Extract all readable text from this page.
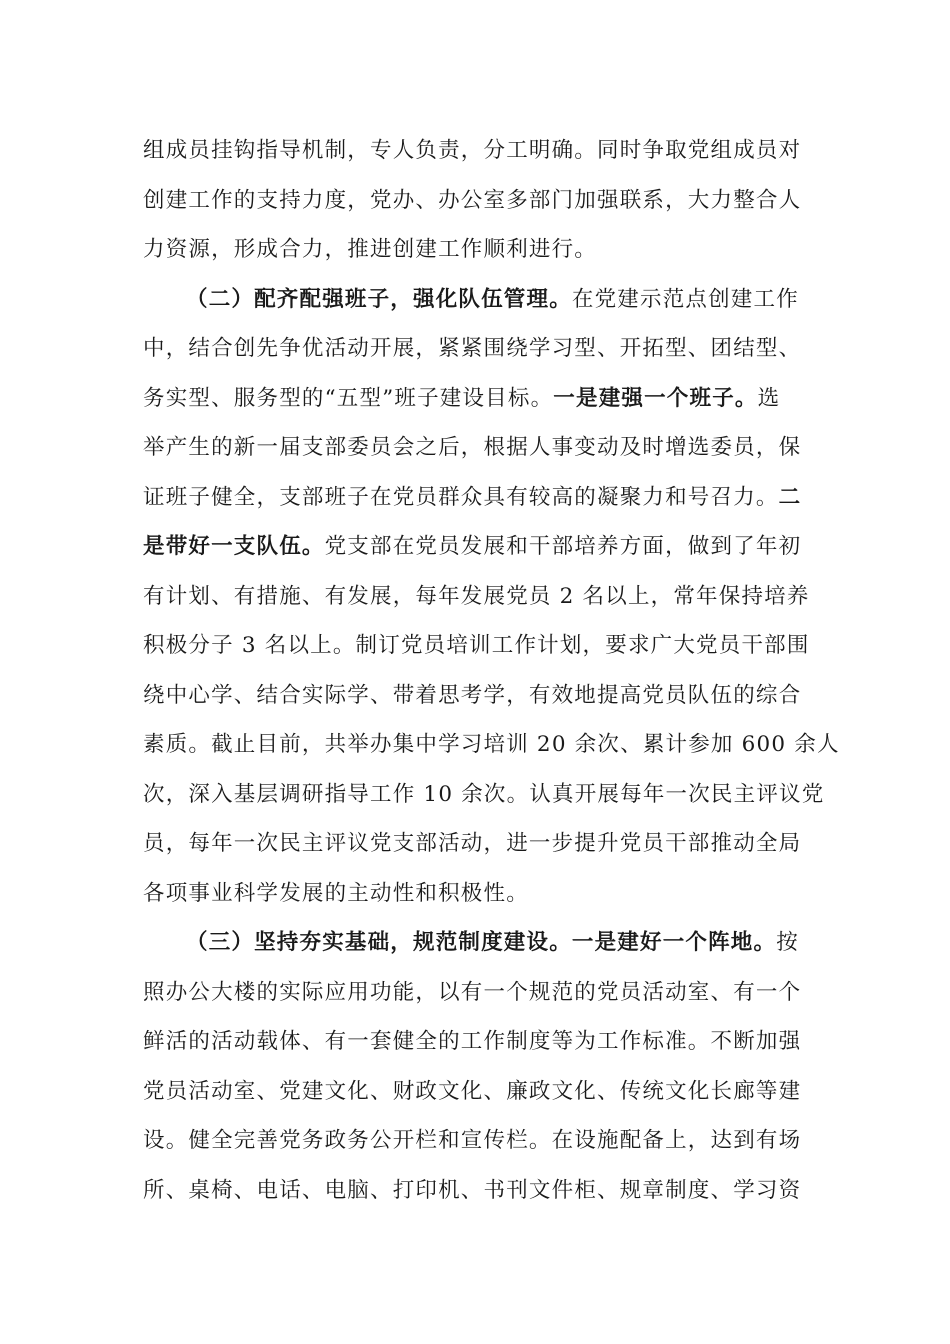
组成员挂钩指导机制，专人负责，分工明确。同时争取党组成员对
创建工作的支持力度，党办、办公室多部门加强联系，大力整合人
力资源，形成合力，推进创建工作顺利进行。
（二）配齐配强班子，强化队伍管理。在党建示范点创建工作
中，结合创先争优活动开展，紧紧围绕学习型、开拓型、团结型、
务实型、服务型的“五型”班子建设目标。一是建强一个班子。选
举产生的新一届支部委员会之后，根据人事变动及时增选委员，保
证班子健全，支部班子在党员群众具有较高的凝聚力和号召力。二
是带好一支队伍。党支部在党员发展和干部培养方面，做到了年初
有计划、有措施、有发展，每年发展党员 2 名以上，常年保持培养
积极分子 3 名以上。制订党员培训工作计划，要求广大党员干部围
绕中心学、结合实际学、带着思考学，有效地提高党员队伍的综合
素质。截止目前，共举办集中学习培训 20 余次、累计参加 600 余人
次，深入基层调研指导工作 10 余次。认真开展每年一次民主评议党
员，每年一次民主评议党支部活动，进一步提升党员干部推动全局
各项事业科学发展的主动性和积极性。
（三）坚持夯实基础，规范制度建设。一是建好一个阵地。按
照办公大楼的实际应用功能，以有一个规范的党员活动室、有一个
鲜活的活动载体、有一套健全的工作制度等为工作标准。不断加强
党员活动室、党建文化、财政文化、廉政文化、传统文化长廊等建
设。健全完善党务政务公开栏和宣传栏。在设施配备上，达到有场
所、桌椅、电话、电脑、打印机、书刊文件柜、规章制度、学习资
